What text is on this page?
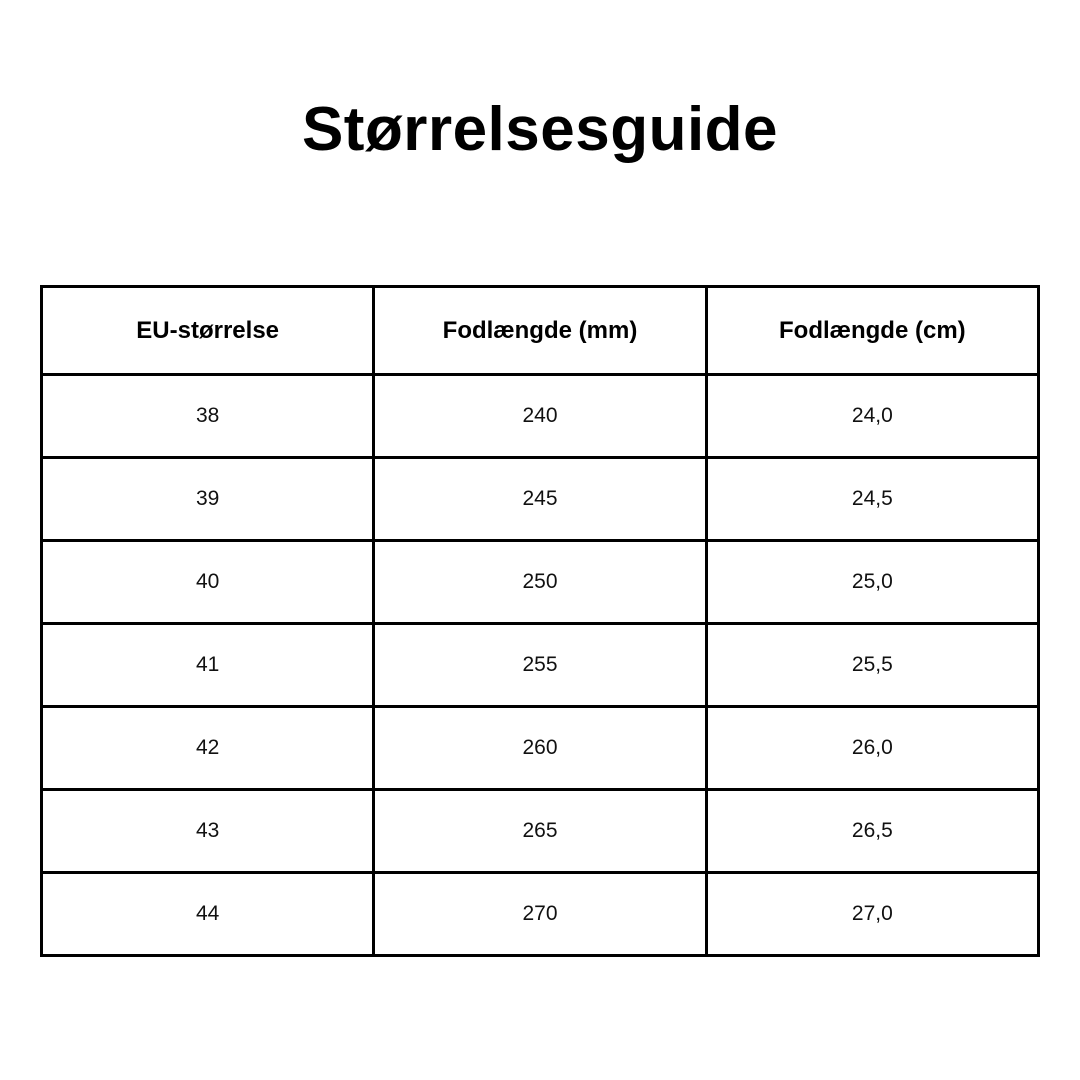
Størrelsesguide
EU-størrelse	Fodlængde (mm)	Fodlængde (cm)
38	240	24,0
39	245	24,5
40	250	25,0
41	255	25,5
42	260	26,0
43	265	26,5
44	270	27,0
